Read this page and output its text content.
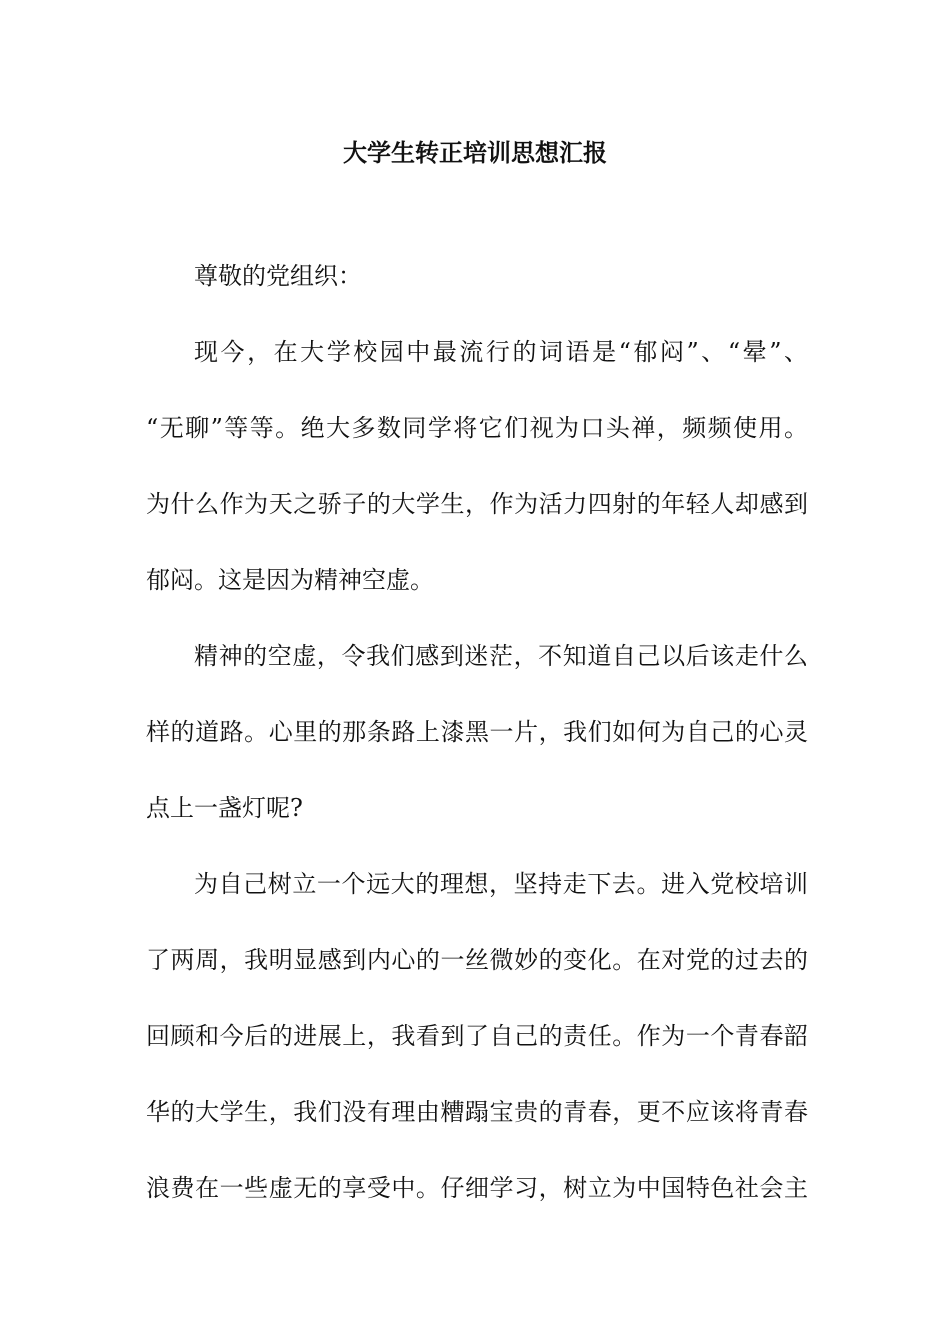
大学生转正培训思想汇报
尊敬的党组织：
现今，在大学校园中最流行的词语是“郁闷”、“晕”、
“无聊”等等。绝大多数同学将它们视为口头禅，频频使用。
为什么作为天之骄子的大学生，作为活力四射的年轻人却感到
郁闷。这是因为精神空虚。
精神的空虚，令我们感到迷茫，不知道自己以后该走什么
样的道路。心里的那条路上漆黑一片，我们如何为自己的心灵
点上一盏灯呢?
为自己树立一个远大的理想，坚持走下去。进入党校培训
了两周，我明显感到内心的一丝微妙的变化。在对党的过去的
回顾和今后的进展上，我看到了自己的责任。作为一个青春韶
华的大学生，我们没有理由糟蹋宝贵的青春，更不应该将青春
浪费在一些虚无的享受中。仔细学习，树立为中国特色社会主
